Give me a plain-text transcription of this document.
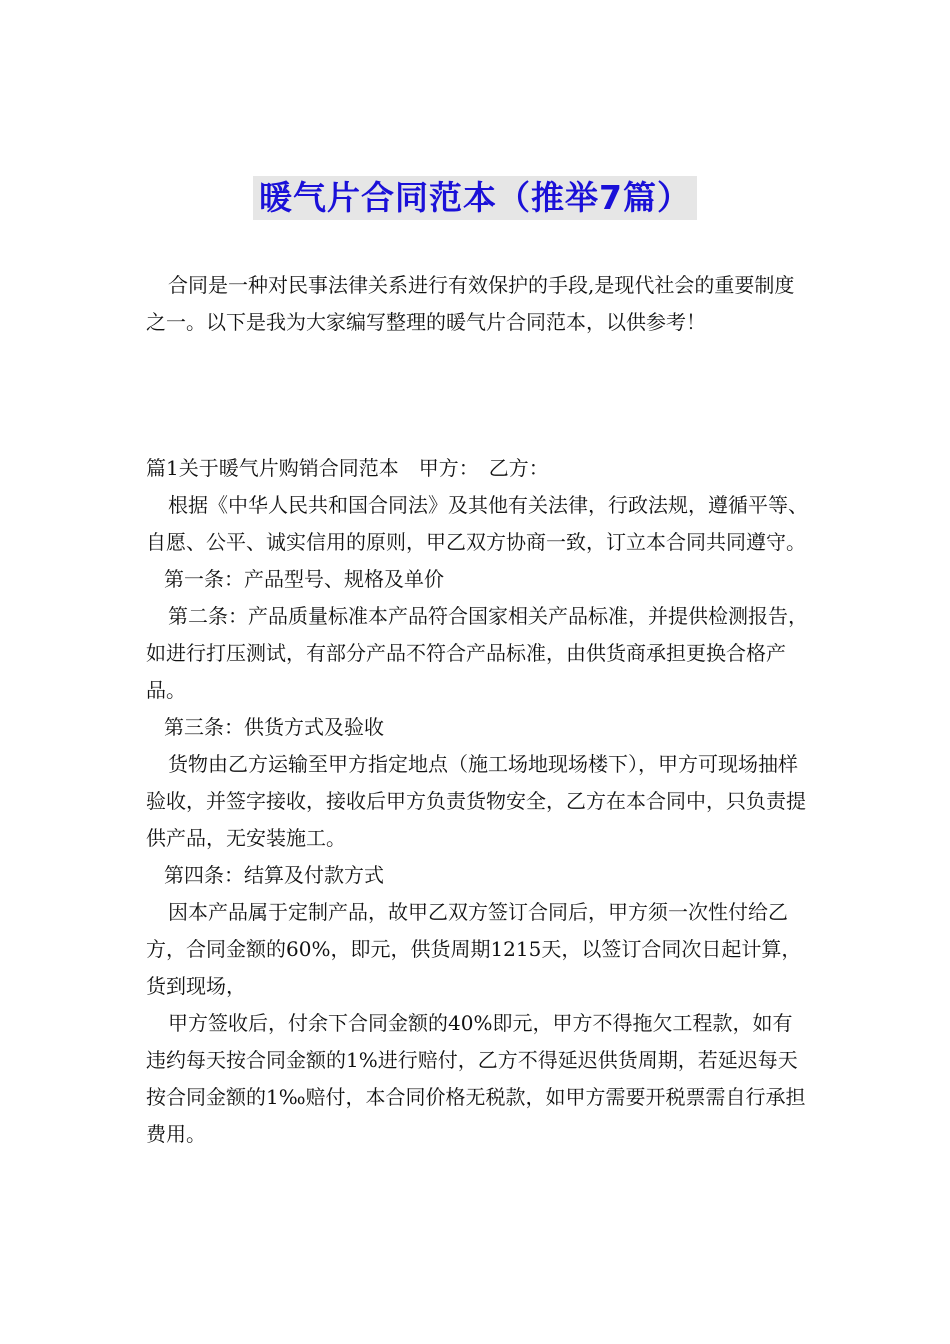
暖气片合同范本（推举7篇）

合同是一种对民事法律关系进行有效保护的手段,是现代社会的重要制度之一。以下是我为大家编写整理的暖气片合同范本，以供参考！

篇1关于暖气片购销合同范本　甲方：　乙方：

根据《中华人民共和国合同法》及其他有关法律，行政法规，遵循平等、自愿、公平、诚实信用的原则，甲乙双方协商一致，订立本合同共同遵守。

第一条：产品型号、规格及单价

第二条：产品质量标准本产品符合国家相关产品标准，并提供检测报告，如进行打压测试，有部分产品不符合产品标准，由供货商承担更换合格产品。

第三条：供货方式及验收

货物由乙方运输至甲方指定地点（施工场地现场楼下），甲方可现场抽样验收，并签字接收，接收后甲方负责货物安全，乙方在本合同中，只负责提供产品，无安装施工。

第四条：结算及付款方式

因本产品属于定制产品，故甲乙双方签订合同后，甲方须一次性付给乙方，合同金额的60%，即元，供货周期1215天，以签订合同次日起计算，货到现场，

甲方签收后，付余下合同金额的40%即元，甲方不得拖欠工程款，如有违约每天按合同金额的1%进行赔付，乙方不得延迟供货周期，若延迟每天按合同金额的1‰赔付，本合同价格无税款，如甲方需要开税票需自行承担费用。
